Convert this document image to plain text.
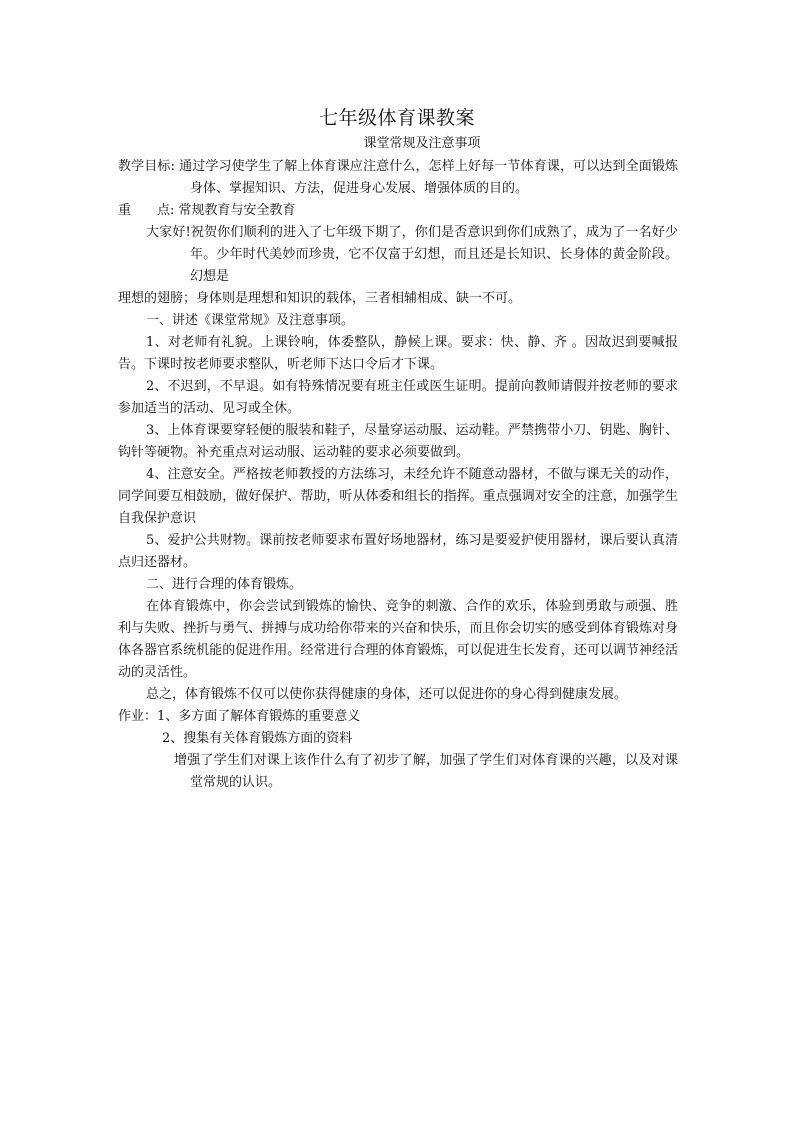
七年级体育课教案
课堂常规及注意事项

教学目标: 通过学习使学生了解上体育课应注意什么，怎样上好每一节体育课，可以达到全面锻炼身体、掌握知识、方法，促进身心发展、增强体质的目的。

重　　点: 常规教育与安全教育

大家好!祝贺你们顺利的进入了七年级下期了，你们是否意识到你们成熟了，成为了一名好少年。少年时代美妙而珍贵，它不仅富于幻想，而且还是长知识、长身体的黄金阶段。幻想是

理想的翅膀；身体则是理想和知识的载体，三者相辅相成、缺一不可。

一、讲述《课堂常规》及注意事项。

1、对老师有礼貌。上课铃响，体委整队，静候上课。要求：快、静、齐 。因故迟到要喊报告。下课时按老师要求整队，听老师下达口令后才下课。

2、不迟到，不早退。如有特殊情况要有班主任或医生证明。提前向教师请假并按老师的要求参加适当的活动、见习或全休。

3、上体育课要穿轻便的服装和鞋子，尽量穿运动服、运动鞋。严禁携带小刀、钥匙、胸针、钩针等硬物。补充重点对运动服、运动鞋的要求必须要做到。

4、注意安全。严格按老师教授的方法练习，未经允许不随意动器材，不做与课无关的动作，同学间要互相鼓励，做好保护、帮助，听从体委和组长的指挥。重点强调对安全的注意，加强学生自我保护意识

5、爱护公共财物。课前按老师要求布置好场地器材，练习是要爱护使用器材，课后要认真清点归还器材。

二、进行合理的体育锻炼。

在体育锻炼中，你会尝试到锻炼的愉快、竞争的刺激、合作的欢乐，体验到勇敢与顽强、胜利与失败、挫折与勇气、拼搏与成功给你带来的兴奋和快乐，而且你会切实的感受到体育锻炼对身体各器官系统机能的促进作用。经常进行合理的体育锻炼，可以促进生长发育，还可以调节神经活动的灵活性。

总之，体育锻炼不仅可以使你获得健康的身体，还可以促进你的身心得到健康发展。

作业：1、多方面了解体育锻炼的重要意义

2、搜集有关体育锻炼方面的资料

增强了学生们对课上该作什么有了初步了解，加强了学生们对体育课的兴趣，以及对课堂常规的认识。
